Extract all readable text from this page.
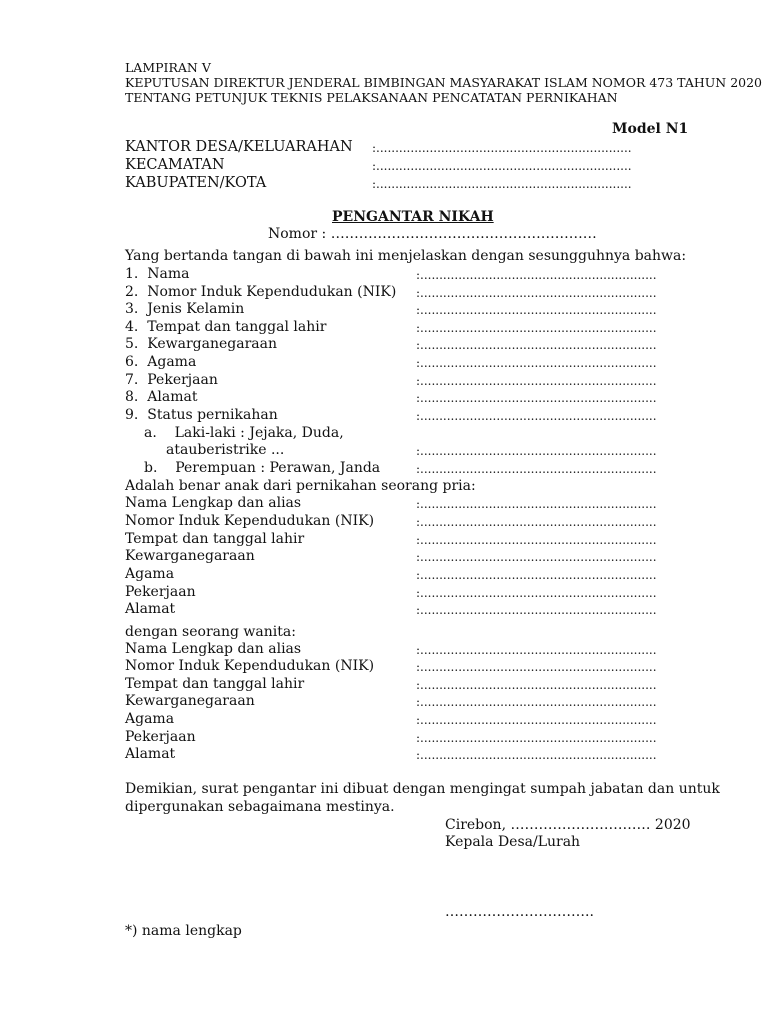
LAMPIRAN V
KEPUTUSAN DIREKTUR JENDERAL BIMBINGAN MASYARAKAT ISLAM NOMOR 473 TAHUN 2020
TENTANG PETUNJUK TEKNIS PELAKSANAAN PENCATATAN PERNIKAHAN
Model N1
KANTOR DESA/KELUARAHAN :...................................................................
KECAMATAN	:...................................................................
KABUPATEN/KOTA	:...................................................................
PENGANTAR NIKAH
Nomor : …………………………………………………
Yang bertanda tangan di bawah ini menjelaskan dengan sesungguhnya bahwa:
1.  Nama	:..............................................................
2.  Nomor Induk Kependudukan (NIK) :..............................................................
3.  Jenis Kelamin	:..............................................................
4.  Tempat dan tanggal lahir	:..............................................................
5.  Kewarganegaraan	:..............................................................
6.  Agama	:..............................................................
7.  Pekerjaan	:..............................................................
8.  Alamat	:..............................................................
9.  Status pernikahan	:..............................................................
a.    Laki-laki : Jejaka, Duda,
atauberistrike ...	:..............................................................
b.    Perempuan : Perawan, Janda	:..............................................................
Adalah benar anak dari pernikahan seorang pria:
Nama Lengkap dan alias	:..............................................................
Nomor Induk Kependudukan (NIK)	:..............................................................
Tempat dan tanggal lahir	:..............................................................
Kewarganegaraan	:..............................................................
Agama	:..............................................................
Pekerjaan	:..............................................................
Alamat	:..............................................................
dengan seorang wanita:
Nama Lengkap dan alias	:..............................................................
Nomor Induk Kependudukan (NIK)	:..............................................................
Tempat dan tanggal lahir	:..............................................................
Kewarganegaraan	:..............................................................
Agama	:..............................................................
Pekerjaan	:..............................................................
Alamat	:..............................................................
Demikian, surat pengantar ini dibuat dengan mengingat sumpah jabatan dan untuk
dipergunakan sebagaimana mestinya.
Cirebon, ………………………… 2020
Kepala Desa/Lurah
…………………………..
*) nama lengkap
